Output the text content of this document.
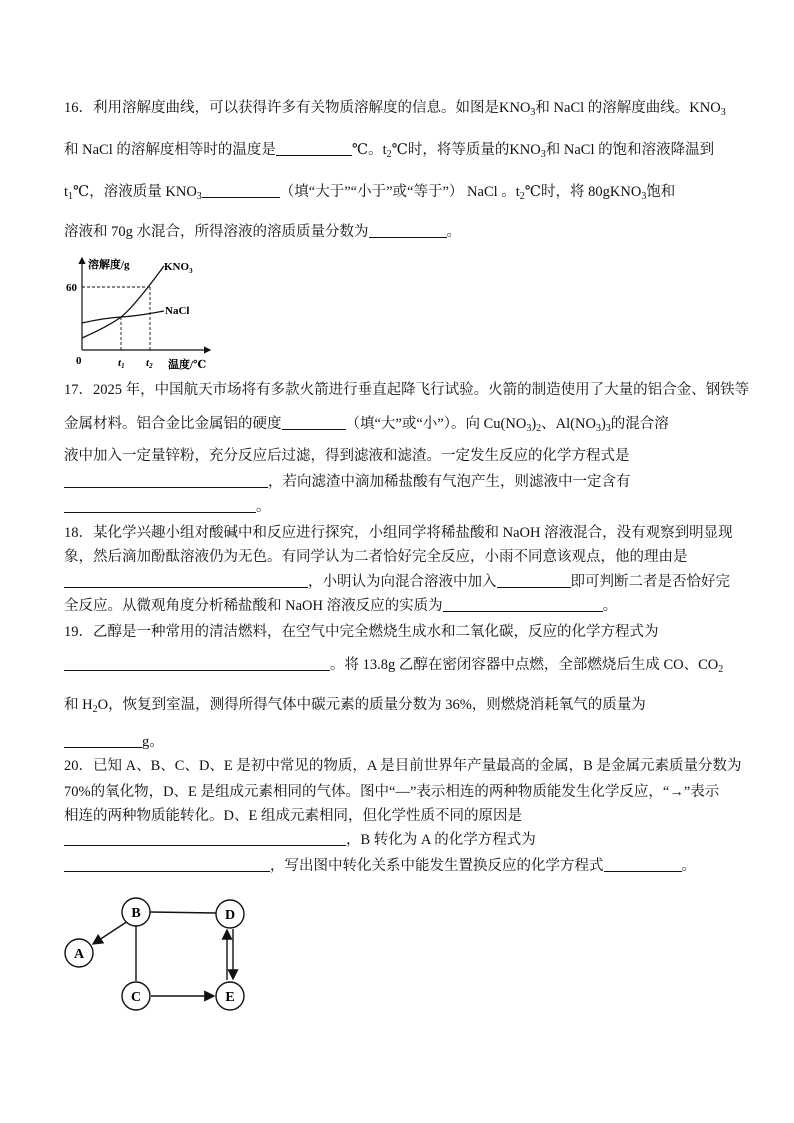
16．利用溶解度曲线，可以获得许多有关物质溶解度的信息。如图是$KNO_3$和 NaCl 的溶解度曲线。$KNO_3$
和 NaCl 的溶解度相等时的温度是	℃。$t_2℃$时，将等质量的$KNO_3$和 NaCl 的饱和溶液降温到
$t_1℃$，溶液质量 $KNO_3$	（填“大于”“小于”或“等于”） NaCl 。$t_2℃$时，将 80gKNO$_3$饱和
溶液和 70g 水混合，所得溶液的溶质质量分数为	。
溶解度/g	$KNO_3$
NaCl
60
0	t1 t2 温度/℃
17．2025 年，中国航天市场将有多款火箭进行垂直起降飞行试验。火箭的制造使用了大量的铝合金、钢铁等
金属材料。铝合金比金属铝的硬度	（填“大”或“小”）。向 $Cu(NO_3)_2$、$Al(NO_3)_3$的混合溶
液中加入一定量锌粉，充分反应后过滤，得到滤液和滤渣。一定发生反应的化学方程式是
，若向滤渣中滴加稀盐酸有气泡产生，则滤液中一定含有
。
18．某化学兴趣小组对酸碱中和反应进行探究，小组同学将稀盐酸和 NaOH 溶液混合，没有观察到明显现
象，然后滴加酚酞溶液仍为无色。有同学认为二者恰好完全反应，小雨不同意该观点，他的理由是
，小明认为向混合溶液中加入	即可判断二者是否恰好完
全反应。从微观角度分析稀盐酸和 NaOH 溶液反应的实质为	。
19．乙醇是一种常用的清洁燃料，在空气中完全燃烧生成水和二氧化碳，反应的化学方程式为
。将 13.8g 乙醇在密闭容器中点燃，全部燃烧后生成 CO、$CO_2$
和 $H_2O$，恢复到室温，测得所得气体中碳元素的质量分数为 36%，则燃烧消耗氧气的质量为
g。
20．已知 A、B、C、D、E 是初中常见的物质，A 是目前世界年产量最高的金属，B 是金属元素质量分数为
70%的氧化物，D、E 是组成元素相同的气体。图中“—”表示相连的两种物质能发生化学反应，“→”表示
相连的两种物质能转化。D、E 组成元素相同，但化学性质不同的原因是
，B 转化为 A 的化学方程式为
，写出图中转化关系中能发生置换反应的化学方程式	。
A
B
C
D
E
